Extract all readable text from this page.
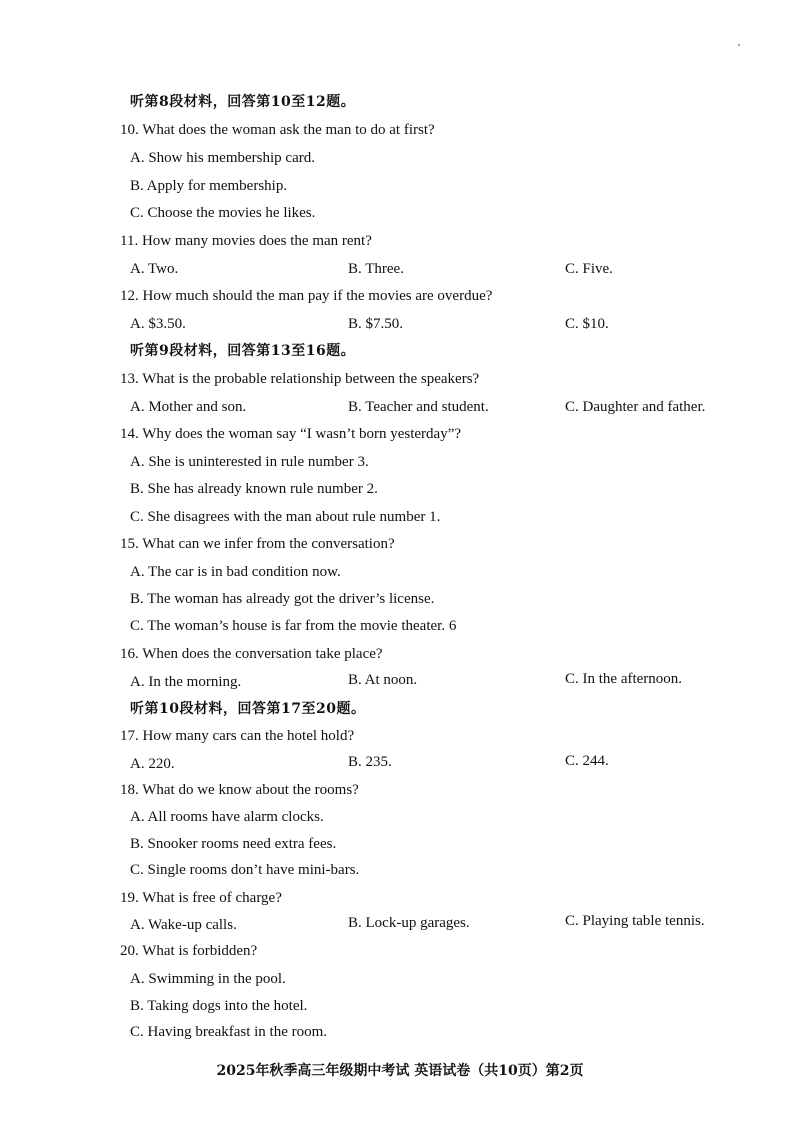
听第8段材料，回答第10至12题。
10. What does the woman ask the man to do at first?
A. Show his membership card.
B. Apply for membership.
C. Choose the movies he likes.
11. How many movies does the man rent?
A. Two.	B. Three.	C. Five.
12. How much should the man pay if the movies are overdue?
A. $3.50.	B. $7.50.	C. $10.
听第9段材料，回答第13至16题。
13. What is the probable relationship between the speakers?
A. Mother and son.	B. Teacher and student.	C. Daughter and father.
14. Why does the woman say “I wasn’t born yesterday”?
A. She is uninterested in rule number 3.
B. She has already known rule number 2.
C. She disagrees with the man about rule number 1.
15. What can we infer from the conversation?
A. The car is in bad condition now.
B. The woman has already got the driver’s license.
C. The woman’s house is far from the movie theater. 6
16. When does the conversation take place?
A. In the morning.	B. At noon.	C. In the afternoon.
听第10段材料，回答第17至20题。
17. How many cars can the hotel hold?
A. 220.	B. 235.	C. 244.
18. What do we know about the rooms?
A. All rooms have alarm clocks.
B. Snooker rooms need extra fees.
C. Single rooms don’t have mini-bars.
19. What is free of charge?
A. Wake-up calls.	B. Lock-up garages.	C. Playing table tennis.
20. What is forbidden?
A. Swimming in the pool.
B. Taking dogs into the hotel.
C. Having breakfast in the room.
2025年秋季高三年级期中考试 英语试卷（共10页）第2页
